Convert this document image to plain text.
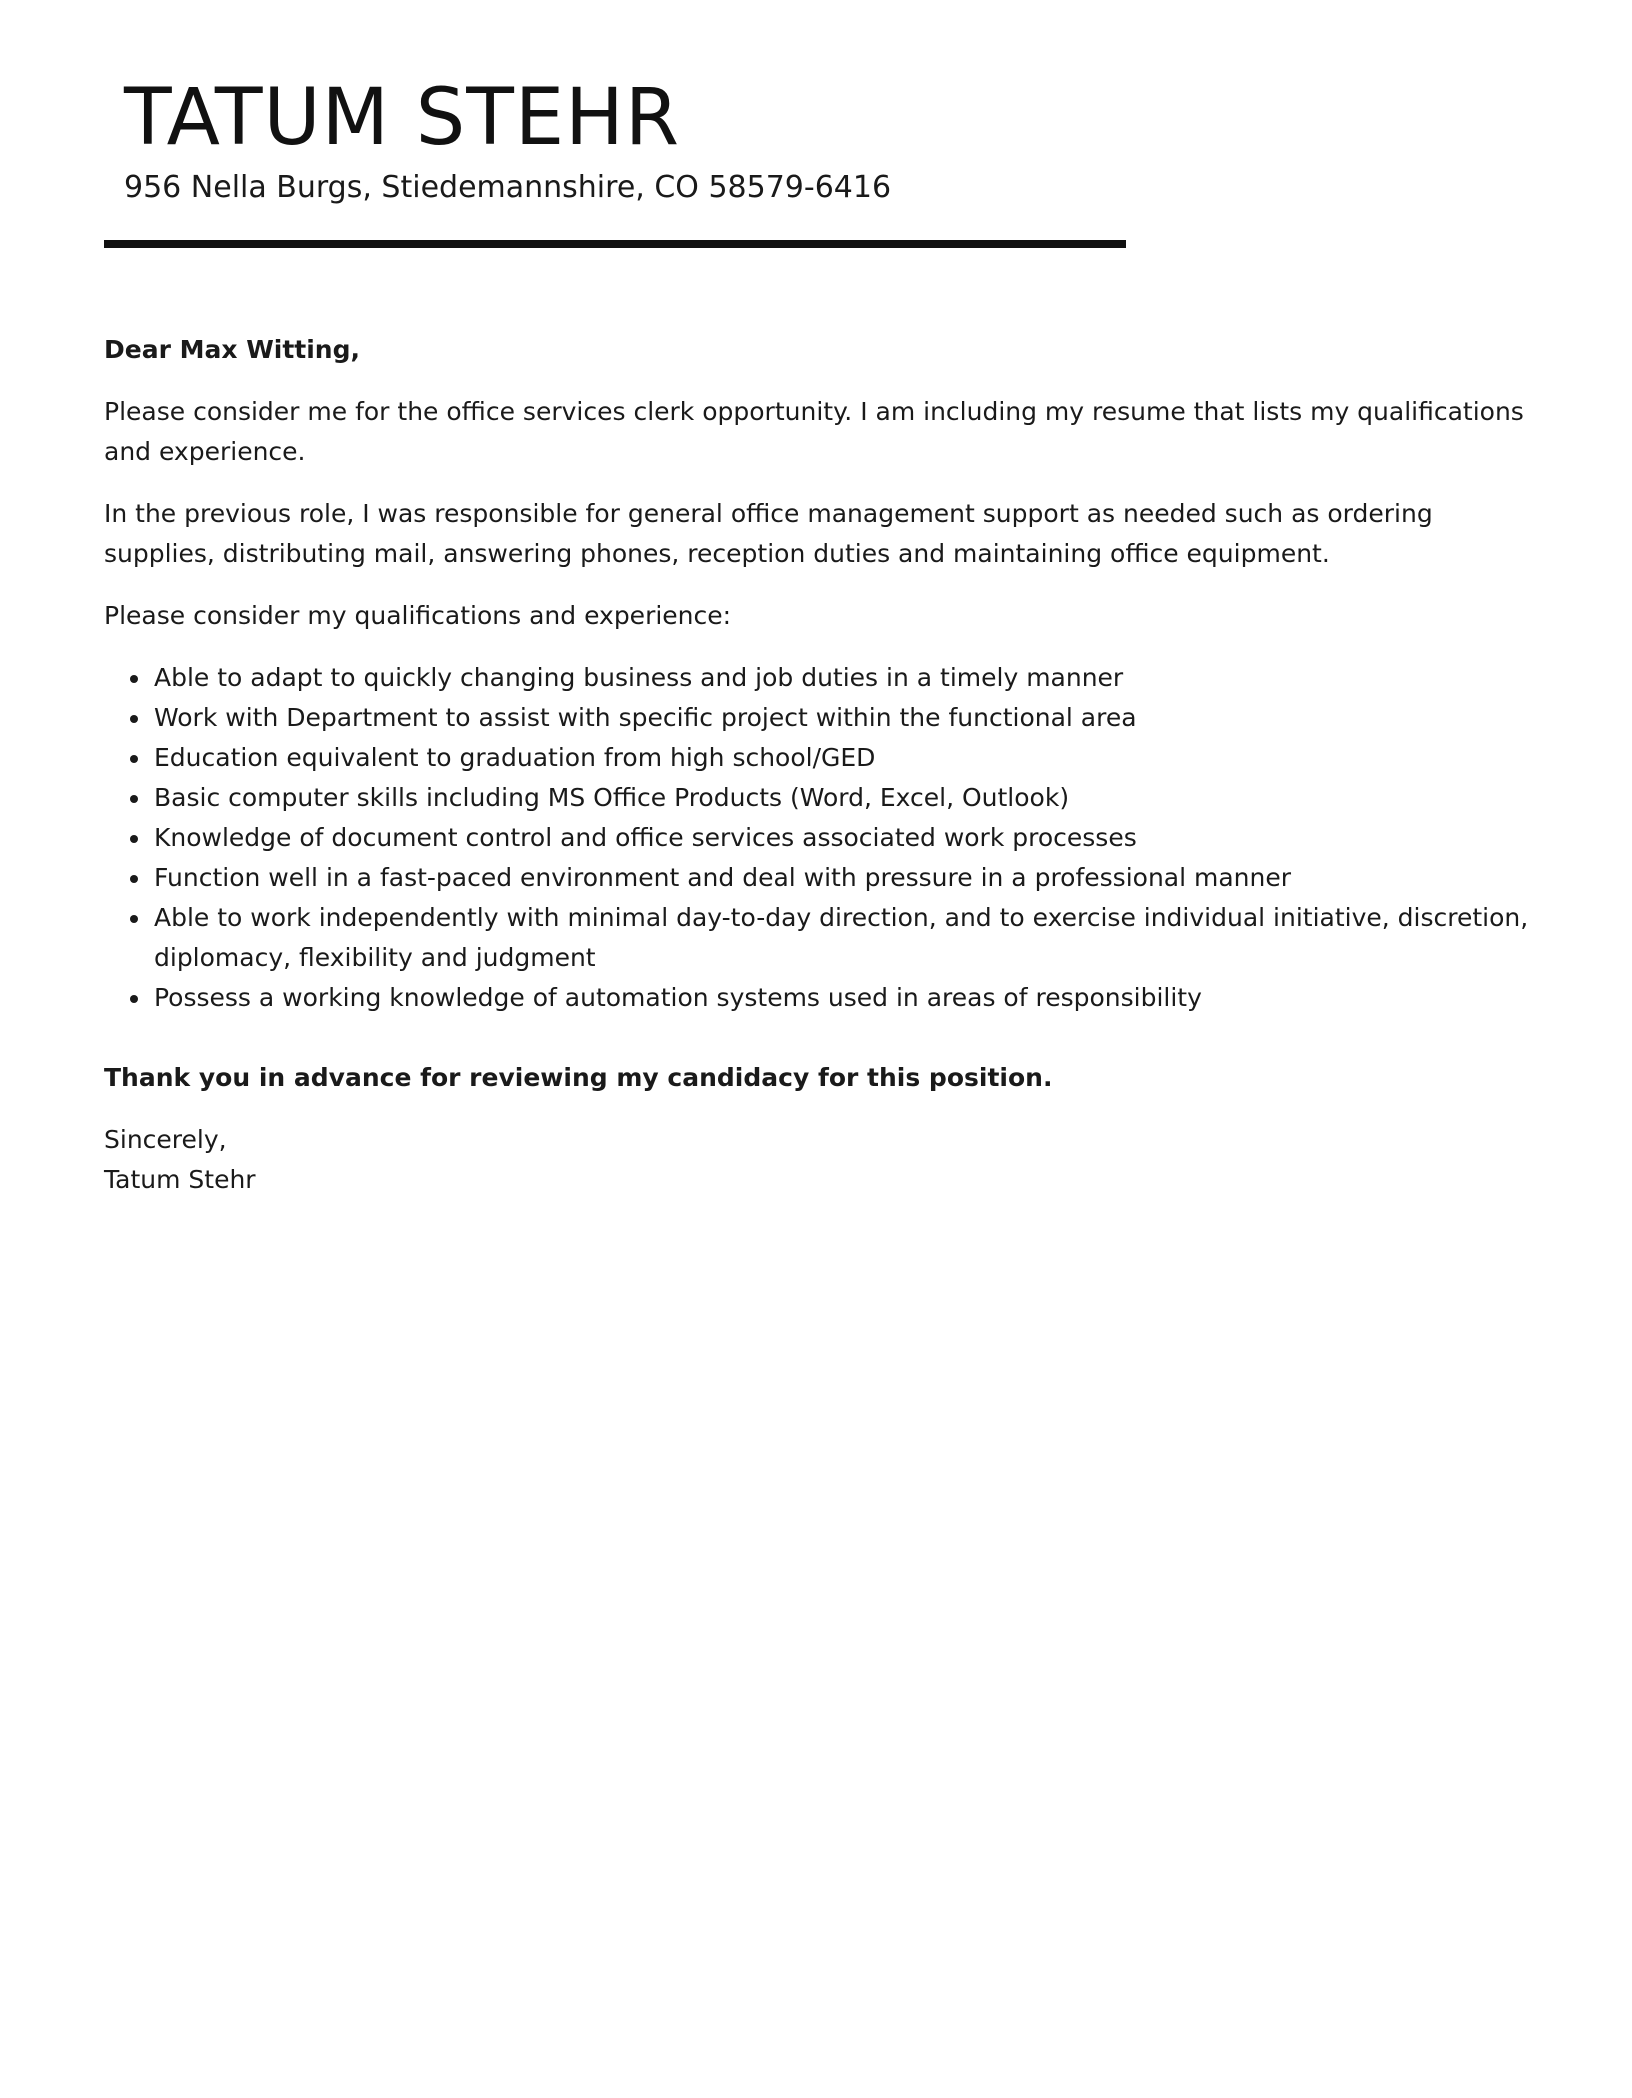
TATUM STEHR
956 Nella Burgs, Stiedemannshire, CO 58579-6416

Dear Max Witting,

Please consider me for the office services clerk opportunity. I am including my resume that lists my qualifications and experience.

In the previous role, I was responsible for general office management support as needed such as ordering supplies, distributing mail, answering phones, reception duties and maintaining office equipment.

Please consider my qualifications and experience:

• Able to adapt to quickly changing business and job duties in a timely manner
• Work with Department to assist with specific project within the functional area
• Education equivalent to graduation from high school/GED
• Basic computer skills including MS Office Products (Word, Excel, Outlook)
• Knowledge of document control and office services associated work processes
• Function well in a fast-paced environment and deal with pressure in a professional manner
• Able to work independently with minimal day-to-day direction, and to exercise individual initiative, discretion, diplomacy, flexibility and judgment
• Possess a working knowledge of automation systems used in areas of responsibility

Thank you in advance for reviewing my candidacy for this position.

Sincerely,

Tatum Stehr
